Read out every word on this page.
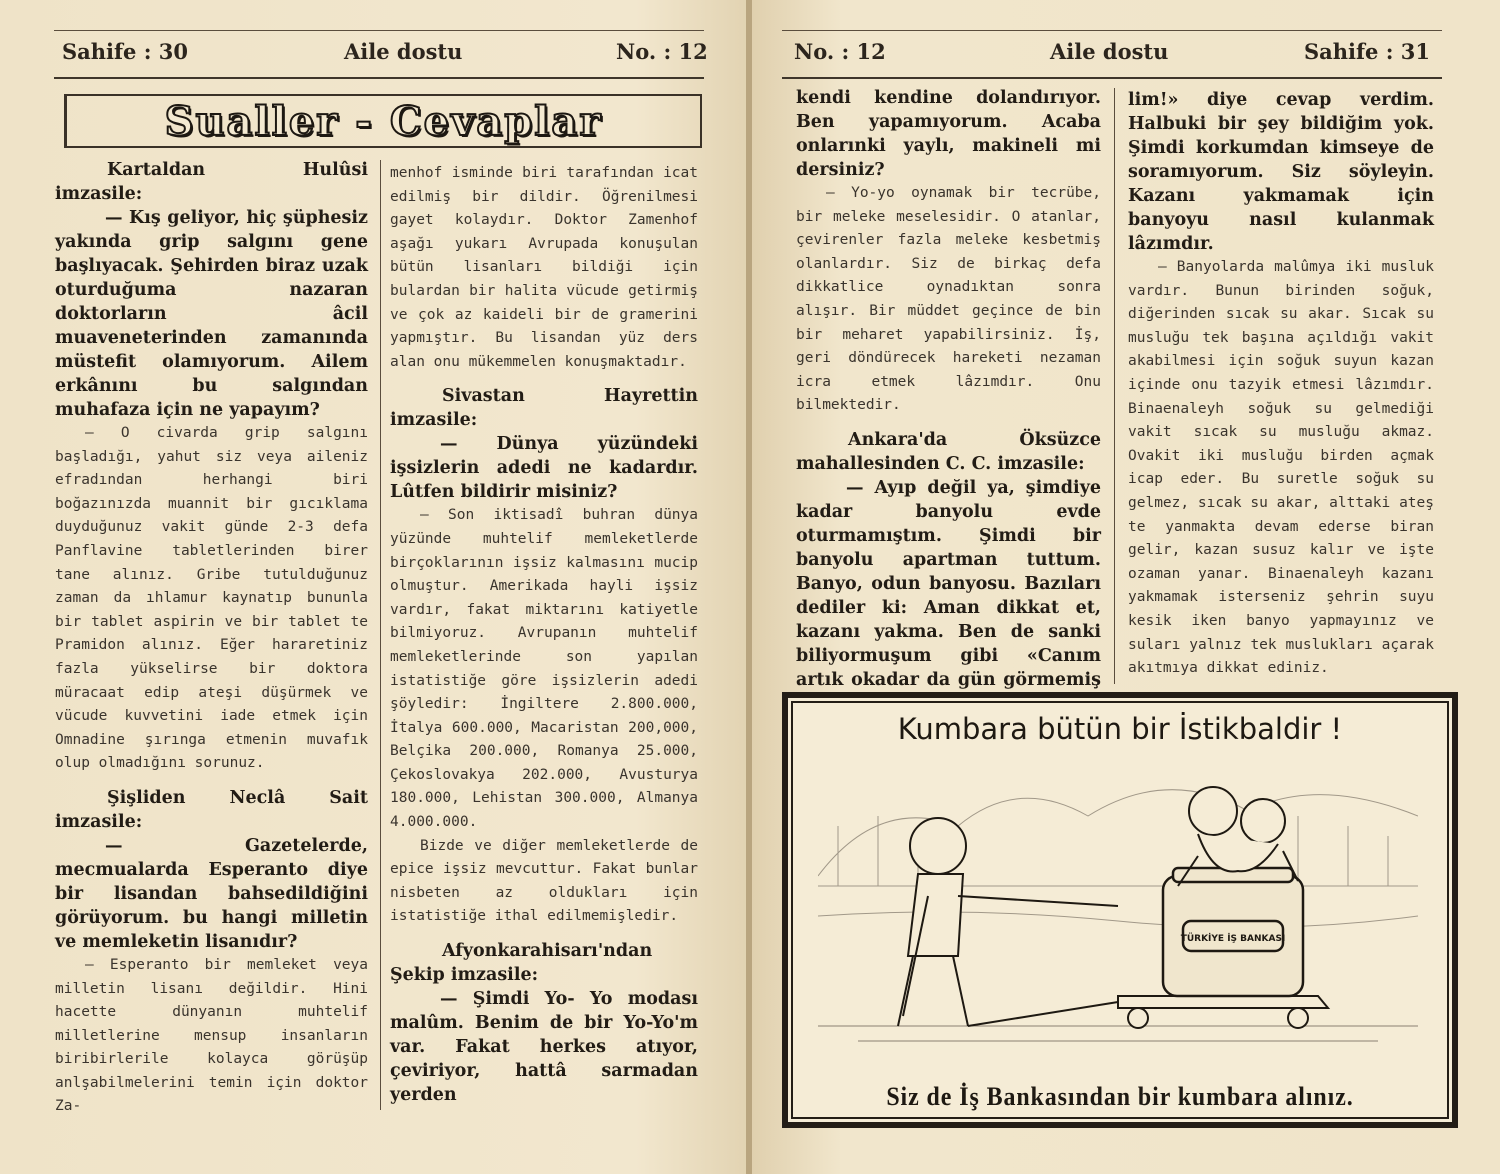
Sahife : 30	Aile dostu	No. : 12
Sualler - Cevaplar

Kartaldan Hulûsi imzasile:

— Kış geliyor, hiç şüphesiz yakında grip salgını gene başlıyacak. Şehirden biraz uzak oturduğuma nazaran doktorların âcil muaveneterinden zamanında müstefit olamıyorum. Ailem erkânını bu salgından muhafaza için ne yapayım?

— O civarda grip salgını başladığı, yahut siz veya aileniz efradından herhangi biri boğazınızda muannit bir gıcıklama duyduğunuz vakit günde 2-3 defa Panflavine tabletlerinden birer tane alınız. Gribe tutulduğunuz zaman da ıhlamur kaynatıp bununla bir tablet aspirin ve bir tablet te Pramidon alınız. Eğer hararetiniz fazla yükselirse bir doktora müracaat edip ateşi düşürmek ve vücude kuvvetini iade etmek için Omnadine şırınga etmenin muvafık olup olmadığını sorunuz.

Şişliden Neclâ Sait imzasile:

— Gazetelerde, mecmualarda Esperanto diye bir lisandan bahsedildiğini görüyorum. bu hangi milletin ve memleketin lisanıdır?

— Esperanto bir memleket veya milletin lisanı değildir. Hini hacette dünyanın muhtelif milletlerine mensup insanların biribirlerile kolayca görüşüp anlşabilmelerini temin için doktor Za-

menhof isminde biri tarafından icat edilmiş bir dildir. Öğrenilmesi gayet kolaydır. Doktor Zamenhof aşağı yukarı Avrupada konuşulan bütün lisanları bildiği için bulardan bir halita vücude getirmiş ve çok az kaideli bir de gramerini yapmıştır. Bu lisandan yüz ders alan onu mükemmelen konuşmaktadır.

Sivastan Hayrettin imzasile:

— Dünya yüzündeki işsizlerin adedi ne kadardır. Lûtfen bildirir misiniz?

— Son iktisadî buhran dünya yüzünde muhtelif memleketlerde birçoklarının işsiz kalmasını mucip olmuştur. Amerikada hayli işsiz vardır, fakat miktarını katiyetle bilmiyoruz. Avrupanın muhtelif memleketlerinde son yapılan istatistiğe göre işsizlerin adedi şöyledir: İngiltere 2.800.000, İtalya 600.000, Macaristan 200,000, Belçika 200.000, Romanya 25.000, Çekoslovakya 202.000, Avusturya 180.000, Lehistan 300.000, Almanya 4.000.000.

Bizde ve diğer memleketlerde de epice işsiz mevcuttur. Fakat bunlar nisbeten az oldukları için istatistiğe ithal edilmemişledir.

Afyonkarahisarı'ndan Şekip imzasile:

— Şimdi Yo- Yo modası malûm. Benim de bir Yo-Yo'm var. Fakat herkes atıyor, çeviriyor, hattâ sarmadan yerden

No. : 12	Aile dostu	Sahife : 31

kendi kendine dolandırıyor. Ben yapamıyorum. Acaba onlarınki yaylı, makineli mi dersiniz?

— Yo-yo oynamak bir tecrübe, bir meleke meselesidir. O atanlar, çevirenler fazla meleke kesbetmiş olanlardır. Siz de birkaç defa dikkatlice oynadıktan sonra alışır. Bir müddet geçince de bin bir meharet yapabilirsiniz. İş, geri döndürecek hareketi nezaman icra etmek lâzımdır. Onu bilmektedir.

Ankara'da Öksüzce mahallesinden C. C. imzasile:

— Ayıp değil ya, şimdiye kadar banyolu evde oturmamıştım. Şimdi bir banyolu apartman tuttum. Banyo, odun banyosu. Bazıları dediler ki: Aman dikkat et, kazanı yakma. Ben de sanki biliyormuşum gibi «Canım artık okadar da gün görmemiş

lim!» diye cevap verdim. Halbuki bir şey bildiğim yok. Şimdi korkumdan kimseye de soramıyorum. Siz söyleyin. Kazanı yakmamak için banyoyu nasıl kulanmak lâzımdır.

— Banyolarda malûmya iki musluk vardır. Bunun birinden soğuk, diğerinden sıcak su akar. Sıcak su musluğu tek başına açıldığı vakit akabilmesi için soğuk suyun kazan içinde onu tazyik etmesi lâzımdır. Binaenaleyh soğuk su gelmediği vakit sıcak su musluğu akmaz. Ovakit iki musluğu birden açmak icap eder. Bu suretle soğuk su gelmez, sıcak su akar, alttaki ateş te yanmakta devam ederse biran gelir, kazan susuz kalır ve işte ozaman yanar. Binaenaleyh kazanı yakmamak isterseniz şehrin suyu kesik iken banyo yapmayınız ve suları yalnız tek muslukları açarak akıtmıya dikkat ediniz.

Kumbara bütün bir İstikbaldir !
TÜRKİYE İŞ BANKASI
Siz de İş Bankasından bir kumbara alınız.
